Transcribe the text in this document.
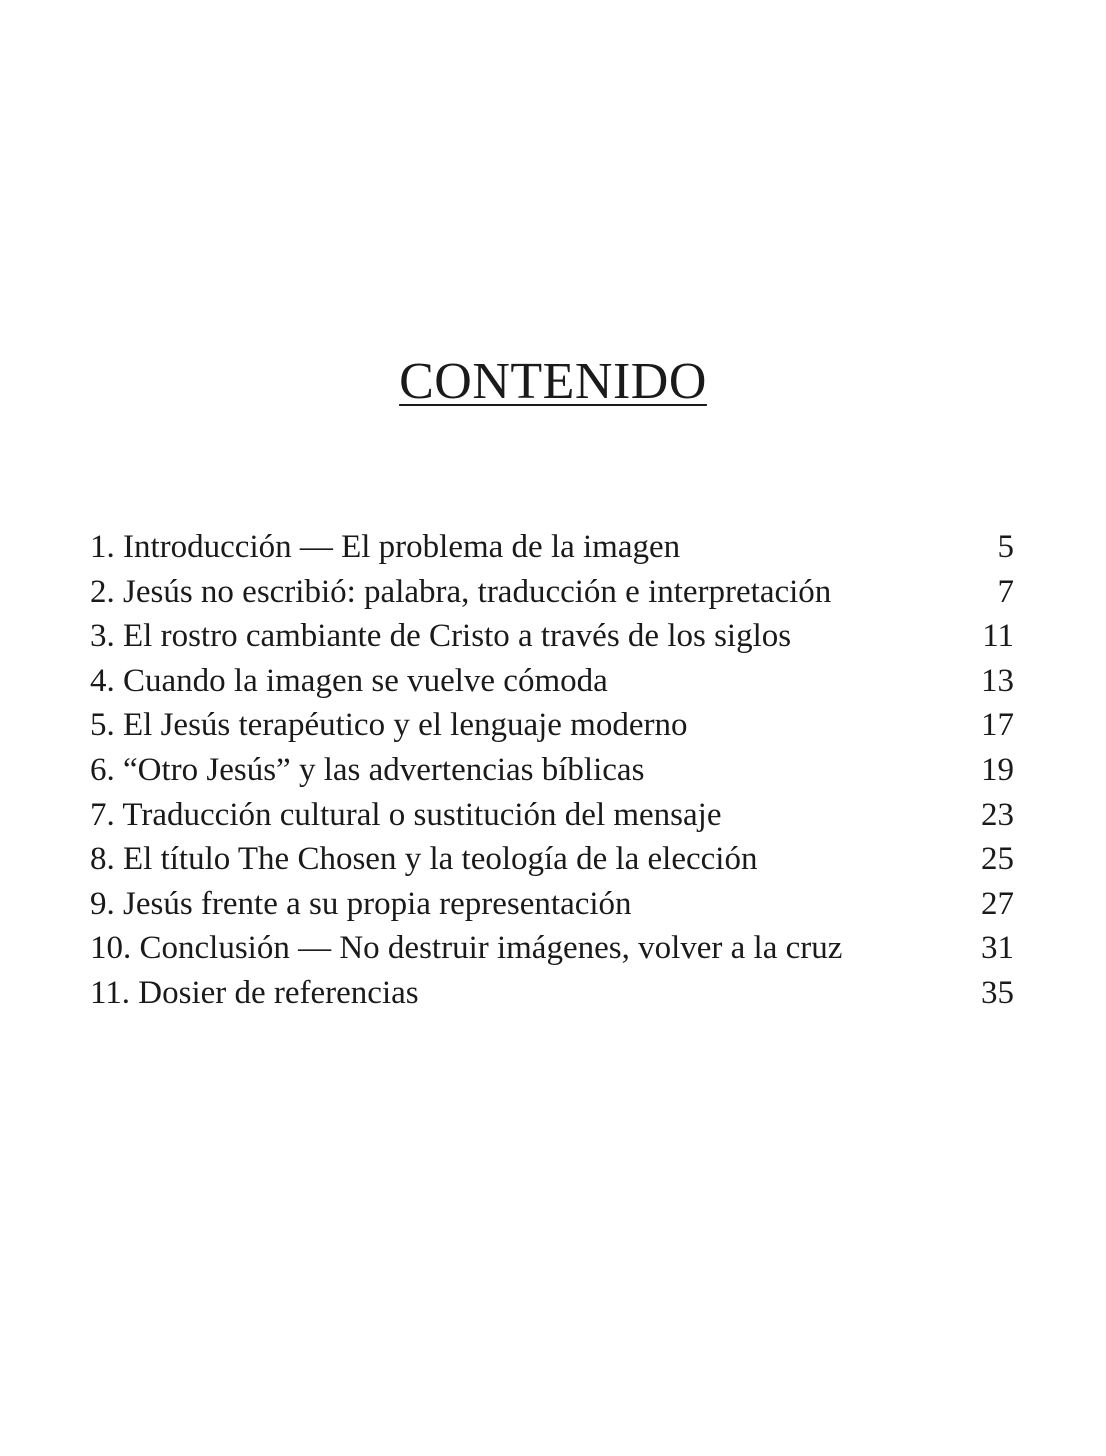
CONTENIDO
1. Introducción — El problema de la imagen	5
2. Jesús no escribió: palabra, traducción e interpretación	7
3. El rostro cambiante de Cristo a través de los siglos	11
4. Cuando la imagen se vuelve cómoda	13
5. El Jesús terapéutico y el lenguaje moderno	17
6. “Otro Jesús” y las advertencias bíblicas	19
7. Traducción cultural o sustitución del mensaje	23
8. El título The Chosen y la teología de la elección	25
9. Jesús frente a su propia representación	27
10. Conclusión — No destruir imágenes, volver a la cruz	31
11. Dosier de referencias	35
